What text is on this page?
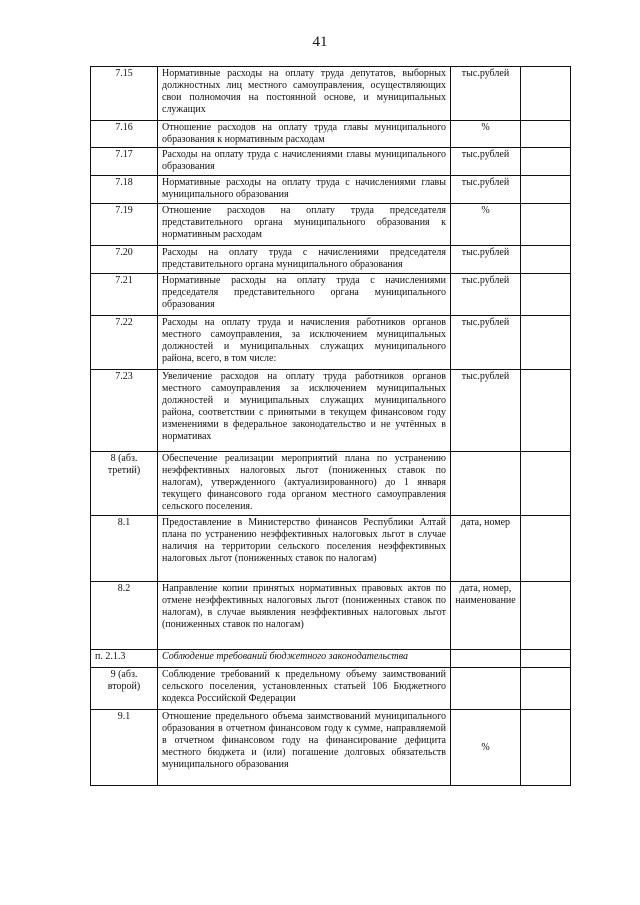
41
7.15	Нормативные расходы на оплату труда депутатов, выборных должностных лиц местного самоуправления, осуществляющих свои полномочия на постоянной основе, и муниципальных служащих	тыс.рублей	
7.16	Отношение расходов на оплату труда главы муниципального образования к нормативным расходам	%	
7.17	Расходы на оплату труда с начислениями главы муниципального образования	тыс.рублей	
7.18	Нормативные расходы на оплату труда с начислениями главы муниципального образования	тыс.рублей	
7.19	Отношение расходов на оплату труда председателя представительного органа муниципального образования к нормативным расходам	%	
7.20	Расходы на оплату труда с начислениями председателя представительного органа муниципального образования	тыс.рублей	
7.21	Нормативные расходы на оплату труда с начислениями председателя представительного органа муниципального образования	тыс.рублей	
7.22	Расходы на оплату труда и начисления работников органов местного самоуправления, за исключением муниципальных должностей и муниципальных служащих муниципального района, всего, в том числе:	тыс.рублей	
7.23	Увеличение расходов на оплату труда работников органов местного самоуправления за исключением муниципальных должностей и муниципальных служащих муниципального района, соответствии с принятыми в текущем финансовом году изменениями в федеральное законодательство и не учтённых в нормативах	тыс.рублей	
8 (абз. третий)	Обеспечение реализации мероприятий плана по устранению неэффективных налоговых льгот (пониженных ставок по налогам), утвержденного (актуализированного) до 1 января текущего финансового года органом местного самоуправления сельского поселения.		
8.1	Предоставление в Министерство финансов Республики Алтай плана по устранению неэффективных налоговых льгот в случае наличия на территории сельского поселения неэффективных налоговых льгот (пониженных ставок по налогам)	дата, номер	
8.2	Направление копии принятых нормативных правовых актов по отмене неэффективных налоговых льгот (пониженных ставок по налогам), в случае выявления неэффективных налоговых льгот (пониженных ставок по налогам)	дата, номер, наименование	
п. 2.1.3	Соблюдение требований бюджетного законодательства		
9 (абз. второй)	Соблюдение требований к предельному объему заимствований сельского поселения, установленных статьей 106 Бюджетного кодекса Российской Федерации		
9.1	Отношение предельного объема заимствований муниципального образования в отчетном финансовом году к сумме, направляемой в отчетном финансовом году на финансирование дефицита местного бюджета и (или) погашение долговых обязательств муниципального образования	%	
